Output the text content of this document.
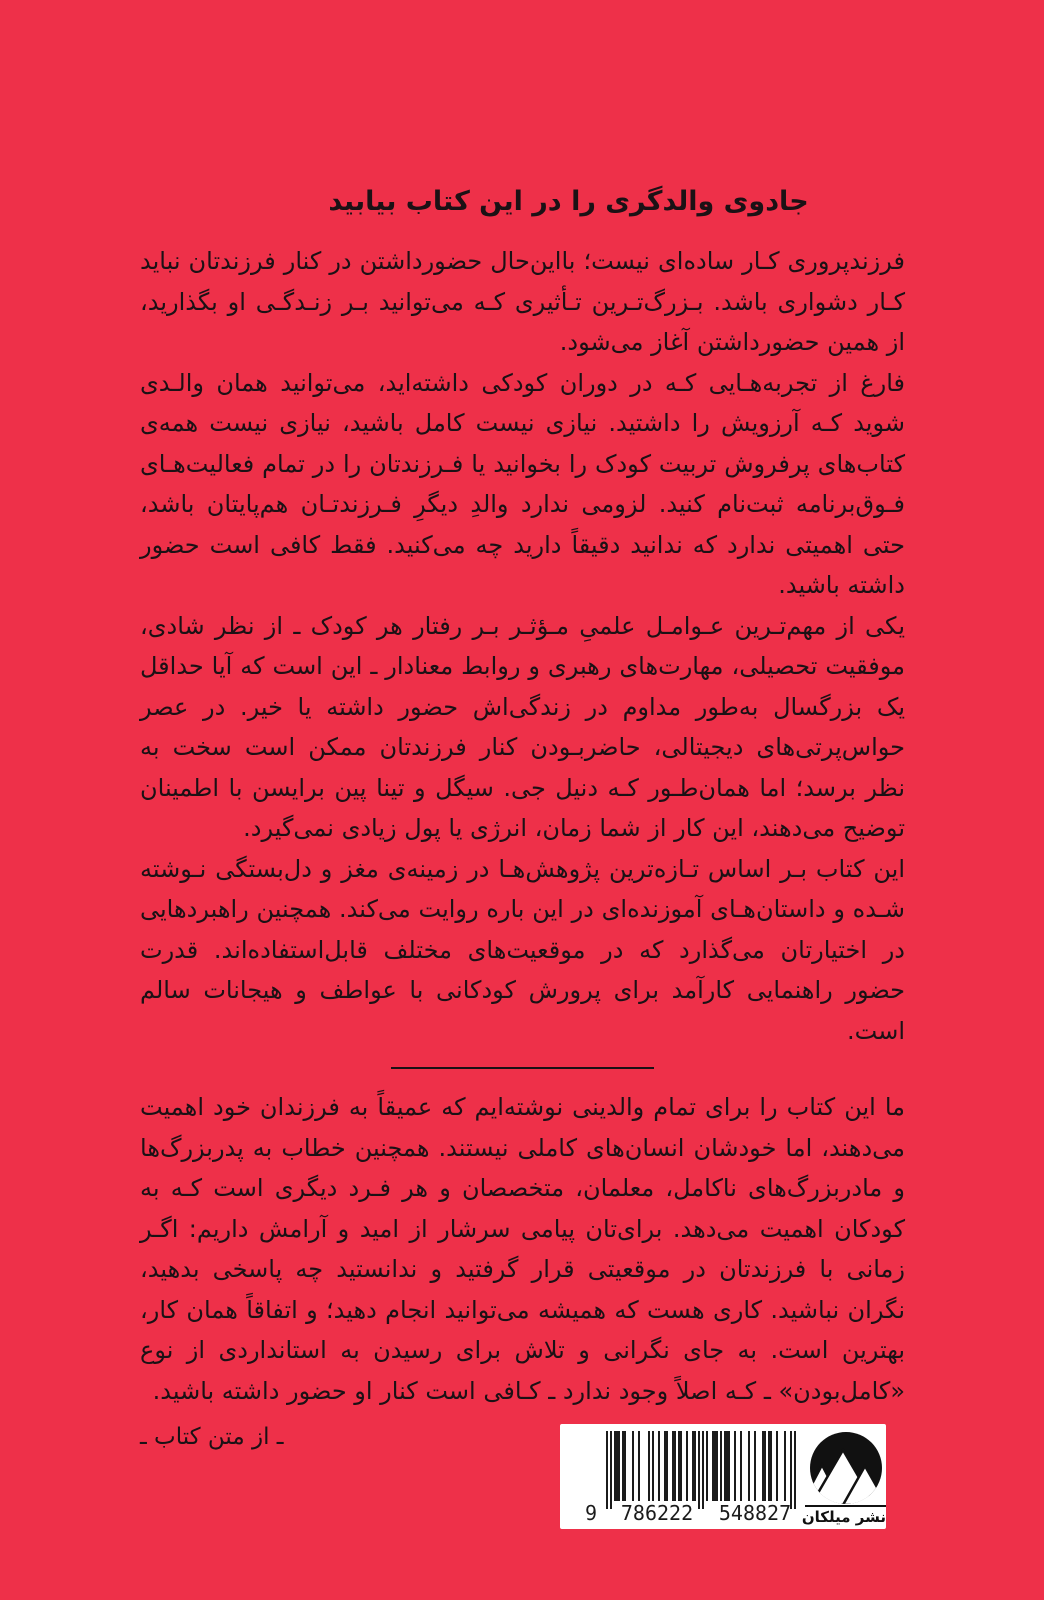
جادوی والدگری را در این کتاب بیابید

فرزندپروری کـار ساده‌ای نیست؛ بااین‌حال حضورداشتن در کنار فرزندتان نباید کـار دشواری باشد. بـزرگ‌تـرین تـأثیری کـه می‌توانید بـر زنـدگـی او بگذارید، از همین حضورداشتن آغاز می‌شود.

فارغ از تجربه‌هـایی کـه در دوران کودکی داشته‌اید، می‌توانید همان والـدی شوید کـه آرزویش را داشتید. نیازی نیست کامل باشید، نیازی نیست همه‌ی کتاب‌های پرفروش تربیت کودک را بخوانید یا فـرزندتان را در تمام فعالیت‌هـای فـوق‌برنامه ثبت‌نام کنید. لزومی ندارد والدِ دیگرِ فـرزندتـان هم‌پایتان باشد، حتی اهمیتی ندارد که ندانید دقیقاً دارید چه می‌کنید. فقط کافی است حضور داشته باشید.

یکی از مهم‌تـرین عـوامـل علمیِ مـؤثـر بـر رفتار هر کودک ـ از نظر شادی، موفقیت تحصیلی، مهارت‌های رهبری و روابط معنادار ـ این است که آیا حداقل یک بزرگسال به‌طور مداوم در زندگی‌اش حضور داشته یا خیر. در عصر حواس‌پرتی‌های دیجیتالی، حاضربـودن کنار فرزندتان ممکن است سخت به نظر برسد؛ اما همان‌طـور کـه دنیل جی. سیگل و تینا پین برایسن با اطمینان توضیح می‌دهند، این کار از شما زمان، انرژی یا پول زیادی نمی‌گیرد.

این کتاب بـر اساس تـازه‌ترین پژوهش‌هـا در زمینه‌ی مغز و دل‌بستگی نـوشته شـده و داستان‌هـای آموزنده‌ای در این باره روایت می‌کند. همچنین راهبردهایی در اختیارتان می‌گذارد که در موقعیت‌های مختلف قابل‌استفاده‌اند. قدرت حضور راهنمایی کارآمد برای پرورش کودکانی با عواطف و هیجانات سالم است.

ما این کتاب را برای تمام والدینی نوشته‌ایم که عمیقاً به فرزندان خود اهمیت می‌دهند، اما خودشان انسان‌های کاملی نیستند. همچنین خطاب به پدربزرگ‌ها و مادربزرگ‌های ناکامل، معلمان، متخصصان و هر فـرد دیگری است کـه به کودکان اهمیت می‌دهد. برای‌تان پیامی سرشار از امید و آرامش داریم: اگـر زمانی با فرزندتان در موقعیتی قرار گرفتید و ندانستید چه پاسخی بدهید، نگران نباشید. کاری هست که همیشه می‌توانید انجام دهید؛ و اتفاقاً همان کار، بهترین است. به جای نگرانی و تلاش برای رسیدن به استانداردی از نوع «کامل‌بودن» ـ کـه اصلاً وجود ندارد ـ کـافی است کنار او حضور داشته باشید.

ـ از متن کتاب ـ
9	786222	548827 نشر میلکان
